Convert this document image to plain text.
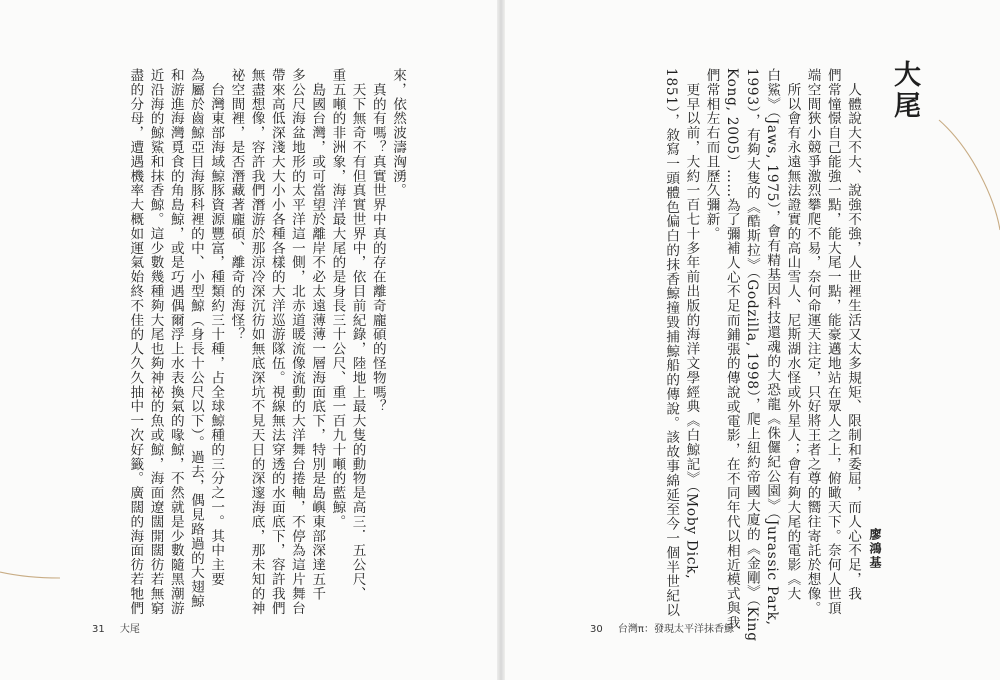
來，依然波濤洶湧。
　真的有嗎？真實世界中真的存在離奇龐碩的怪物嗎？
　天下無奇不有但真實世界中，依目前紀錄，陸地上最大隻的動物是高三．五公尺、
重五噸的非洲象，海洋最大尾的是身長三十公尺、重一百九十噸的藍鯨。
　島國台灣，或可當望於離岸不必太遠薄薄一層海面底下，特別是島嶼東部深達五千
多公尺海盆地形的太平洋這一側，北赤道暖流像流動的大洋舞台捲軸，不停為這片舞台
帶來高低深淺大大小小各種各樣的大洋巡游隊伍。視線無法穿透的水面底下，容許我們
無盡想像，容許我們潛游於那涼冷深沉彷如無底深坑不見天日的深邃海底，那未知的神
祕空間裡，是否潛藏著龐碩、離奇的海怪？
　台灣東部海域鯨豚資源豐富，種類約三十種，占全球鯨種的三分之一。其中主要
為屬於齒鯨亞目海豚科裡的中、小型鯨（身長十公尺以下）。過去，偶見路過的大翅鯨
和游進海灣覓食的角島鯨，或是巧遇偶爾浮上水表換氣的喙鯨，不然就是少數隨黑潮游
近沿海的鯨鯊和抹香鯨。這少數幾種夠大尾也夠神祕的魚或鯨，海面遼闊開闊彷若無窮
盡的分母，遭遇機率大概如運氣始終不佳的人久久抽中一次好籤。廣闊的海面彷若牠們
31 大尾
大尾
　人體說大不大、說強不強，人世裡生活又太多規矩、限制和委屈，而人心不足，我
們常憧憬自己能強一點，能大尾一點，能豪邁地站在眾人之上，俯瞰天下。奈何人世頂
端空間狹小競爭激烈攀爬不易，奈何命運天注定，只好將王者之尊的嚮往寄託於想像。
　所以會有永遠無法證實的高山雪人、尼斯湖水怪或外星人；會有夠大尾的電影《大
白鯊》（Jaws, 1975），會有精基因科技還魂的大恐龍《侏儸紀公園》（Jurassic Park,
1993），有夠大隻的《酷斯拉》（Godzilla, 1998），爬上紐約帝國大廈的《金剛》（King
Kong, 2005）……為了彌補人心不足而鋪張的傳說或電影，在不同年代以相近模式與我
們常相左右而且歷久彌新。
　更早以前，大約一百七十多年前出版的海洋文學經典《白鯨記》（Moby Dick,
1851），敘寫一頭體色偏白的抹香鯨撞毀捕鯨船的傳說。該故事綿延至今一個半世紀以	廖鴻基
30 台灣π：發現太平洋抹香鯨
